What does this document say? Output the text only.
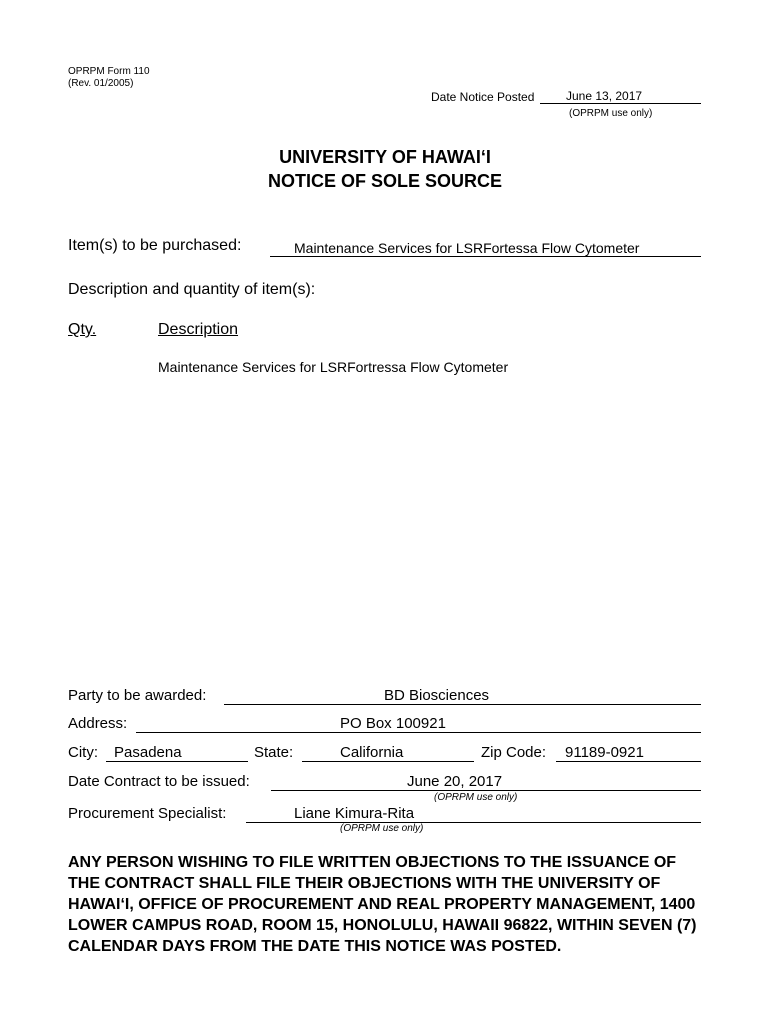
OPRPM Form 110
(Rev. 01/2005)
Date Notice Posted	June 13, 2017
(OPRPM use only)
UNIVERSITY OF HAWAI‘I
NOTICE OF SOLE SOURCE
Item(s) to be purchased:	Maintenance Services for LSRFortessa Flow Cytometer
Description and quantity of item(s):
Qty.	Description
Maintenance Services for LSRFortressa Flow Cytometer
Party to be awarded:	BD Biosciences
Address:	PO Box 100921
City:	Pasadena	State:	California	Zip Code:	91189-0921
Date Contract to be issued:	June 20, 2017
(OPRPM use only)
Procurement Specialist:	Liane Kimura-Rita
(OPRPM use only)
ANY PERSON WISHING TO FILE WRITTEN OBJECTIONS TO THE ISSUANCE OF THE CONTRACT SHALL FILE THEIR OBJECTIONS WITH THE UNIVERSITY OF HAWAI‘I, OFFICE OF PROCUREMENT AND REAL PROPERTY MANAGEMENT, 1400 LOWER CAMPUS ROAD, ROOM 15, HONOLULU, HAWAII 96822, WITHIN SEVEN (7) CALENDAR DAYS FROM THE DATE THIS NOTICE WAS POSTED.
